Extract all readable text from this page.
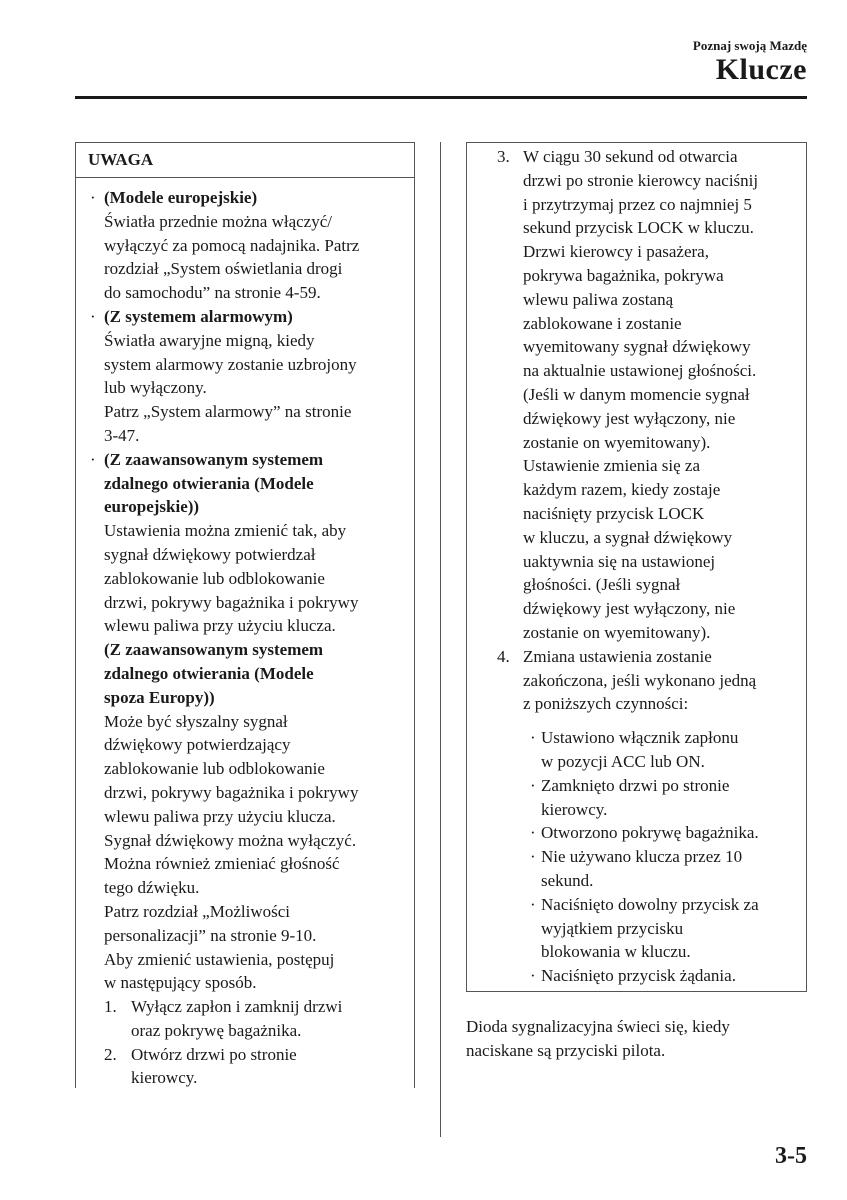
Poznaj swoją Mazdę
Klucze
UWAGA
· (Modele europejskie)
Światła przednie można włączyć/
wyłączyć za pomocą nadajnika. Patrz
rozdział „System oświetlania drogi
do samochodu” na stronie 4-59.
· (Z systemem alarmowym)
Światła awaryjne migną, kiedy
system alarmowy zostanie uzbrojony
lub wyłączony.
Patrz „System alarmowy” na stronie
3-47.
· (Z zaawansowanym systemem
zdalnego otwierania (Modele
europejskie))
Ustawienia można zmienić tak, aby
sygnał dźwiękowy potwierdzał
zablokowanie lub odblokowanie
drzwi, pokrywy bagażnika i pokrywy
wlewu paliwa przy użyciu klucza.
(Z zaawansowanym systemem
zdalnego otwierania (Modele
spoza Europy))
Może być słyszalny sygnał
dźwiękowy potwierdzający
zablokowanie lub odblokowanie
drzwi, pokrywy bagażnika i pokrywy
wlewu paliwa przy użyciu klucza.
Sygnał dźwiękowy można wyłączyć.
Można również zmieniać głośność
tego dźwięku.
Patrz rozdział „Możliwości
personalizacji” na stronie 9-10.
Aby zmienić ustawienia, postępuj
w następujący sposób.
1. Wyłącz zapłon i zamknij drzwi
oraz pokrywę bagażnika.
2. Otwórz drzwi po stronie
kierowcy.
3. W ciągu 30 sekund od otwarcia
drzwi po stronie kierowcy naciśnij
i przytrzymaj przez co najmniej 5
sekund przycisk LOCK w kluczu.
Drzwi kierowcy i pasażera,
pokrywa bagażnika, pokrywa
wlewu paliwa zostaną
zablokowane i zostanie
wyemitowany sygnał dźwiękowy
na aktualnie ustawionej głośności.
(Jeśli w danym momencie sygnał
dźwiękowy jest wyłączony, nie
zostanie on wyemitowany).
Ustawienie zmienia się za
każdym razem, kiedy zostaje
naciśnięty przycisk LOCK
w kluczu, a sygnał dźwiękowy
uaktywnia się na ustawionej
głośności. (Jeśli sygnał
dźwiękowy jest wyłączony, nie
zostanie on wyemitowany).
4. Zmiana ustawienia zostanie
zakończona, jeśli wykonano jedną
z poniższych czynności:
· Ustawiono włącznik zapłonu
w pozycji ACC lub ON.
· Zamknięto drzwi po stronie
kierowcy.
· Otworzono pokrywę bagażnika.
· Nie używano klucza przez 10
sekund.
· Naciśnięto dowolny przycisk za
wyjątkiem przycisku
blokowania w kluczu.
· Naciśnięto przycisk żądania.
Dioda sygnalizacyjna świeci się, kiedy
naciskane są przyciski pilota.
3-5
